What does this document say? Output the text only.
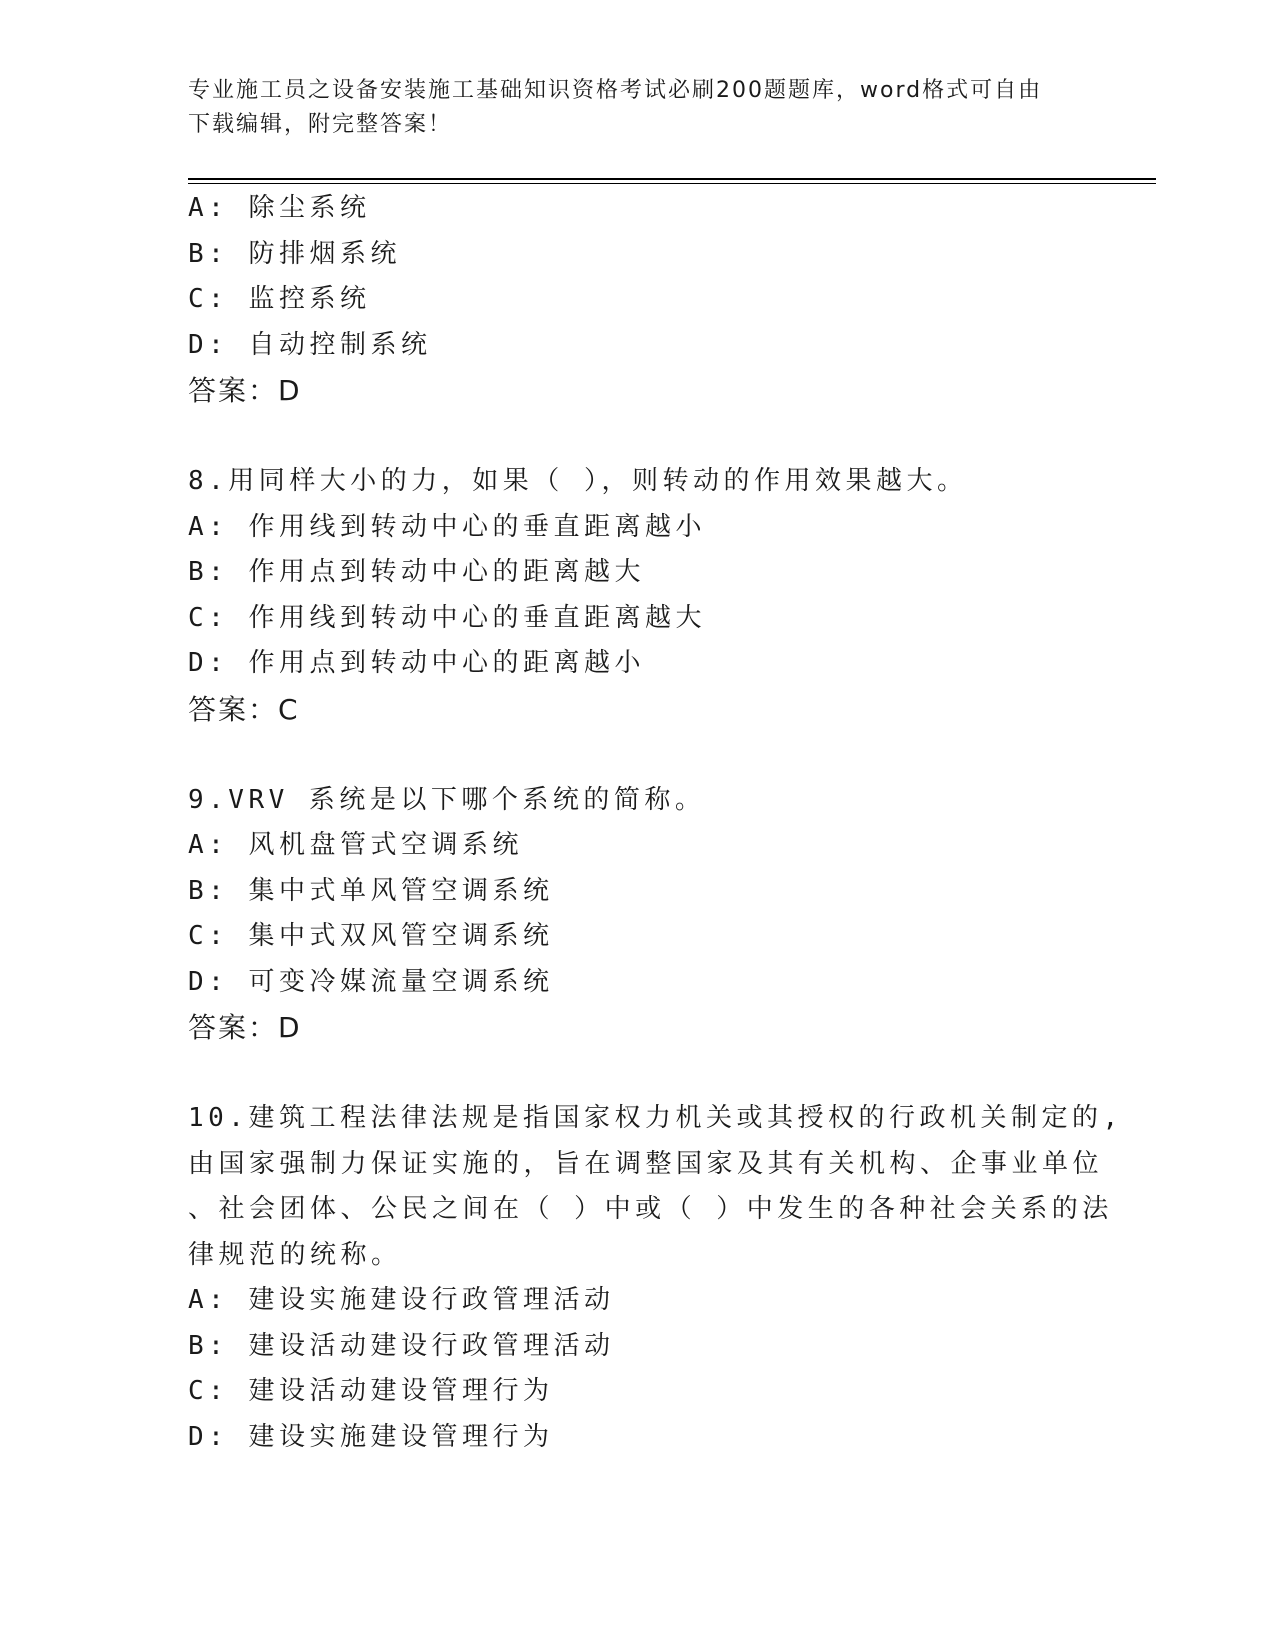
专业施工员之设备安装施工基础知识资格考试必刷200题题库，word格式可自由
下载编辑，附完整答案！
A: 除尘系统
B: 防排烟系统
C: 监控系统
D: 自动控制系统
答案：D
8.用同样大小的力，如果（ ），则转动的作用效果越大。
A: 作用线到转动中心的垂直距离越小
B: 作用点到转动中心的距离越大
C: 作用线到转动中心的垂直距离越大
D: 作用点到转动中心的距离越小
答案：C
9.VRV 系统是以下哪个系统的简称。
A: 风机盘管式空调系统
B: 集中式单风管空调系统
C: 集中式双风管空调系统
D: 可变冷媒流量空调系统
答案：D
10.建筑工程法律法规是指国家权力机关或其授权的行政机关制定的,
由国家强制力保证实施的，旨在调整国家及其有关机构、企事业单位
、社会团体、公民之间在（ ）中或（ ）中发生的各种社会关系的法
律规范的统称。
A: 建设实施建设行政管理活动
B: 建设活动建设行政管理活动
C: 建设活动建设管理行为
D: 建设实施建设管理行为
